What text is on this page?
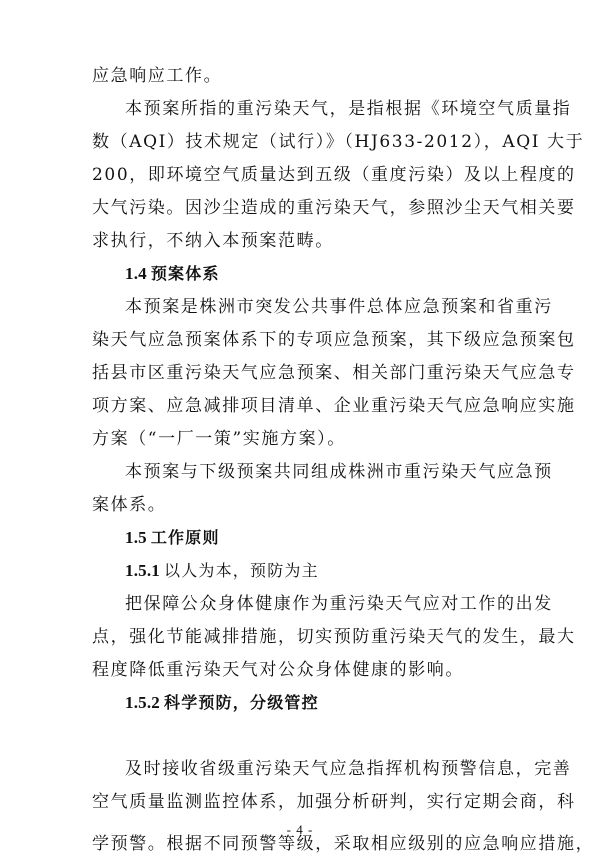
应急响应工作。
本预案所指的重污染天气，是指根据《环境空气质量指
数（AQI）技术规定（试行）》（HJ633-2012），AQI 大于
200，即环境空气质量达到五级（重度污染）及以上程度的
大气污染。因沙尘造成的重污染天气，参照沙尘天气相关要
求执行，不纳入本预案范畴。
1.4 预案体系
本预案是株洲市突发公共事件总体应急预案和省重污
染天气应急预案体系下的专项应急预案，其下级应急预案包
括县市区重污染天气应急预案、相关部门重污染天气应急专
项方案、应急减排项目清单、企业重污染天气应急响应实施
方案（“一厂一策”实施方案）。
本预案与下级预案共同组成株洲市重污染天气应急预
案体系。
1.5 工作原则
1.5.1 以人为本，预防为主
把保障公众身体健康作为重污染天气应对工作的出发
点，强化节能减排措施，切实预防重污染天气的发生，最大
程度降低重污染天气对公众身体健康的影响。
1.5.2 科学预防，分级管控
- 4 -
及时接收省级重污染天气应急指挥机构预警信息，完善
空气质量监测监控体系，加强分析研判，实行定期会商，科
学预警。根据不同预警等级，采取相应级别的应急响应措施，
